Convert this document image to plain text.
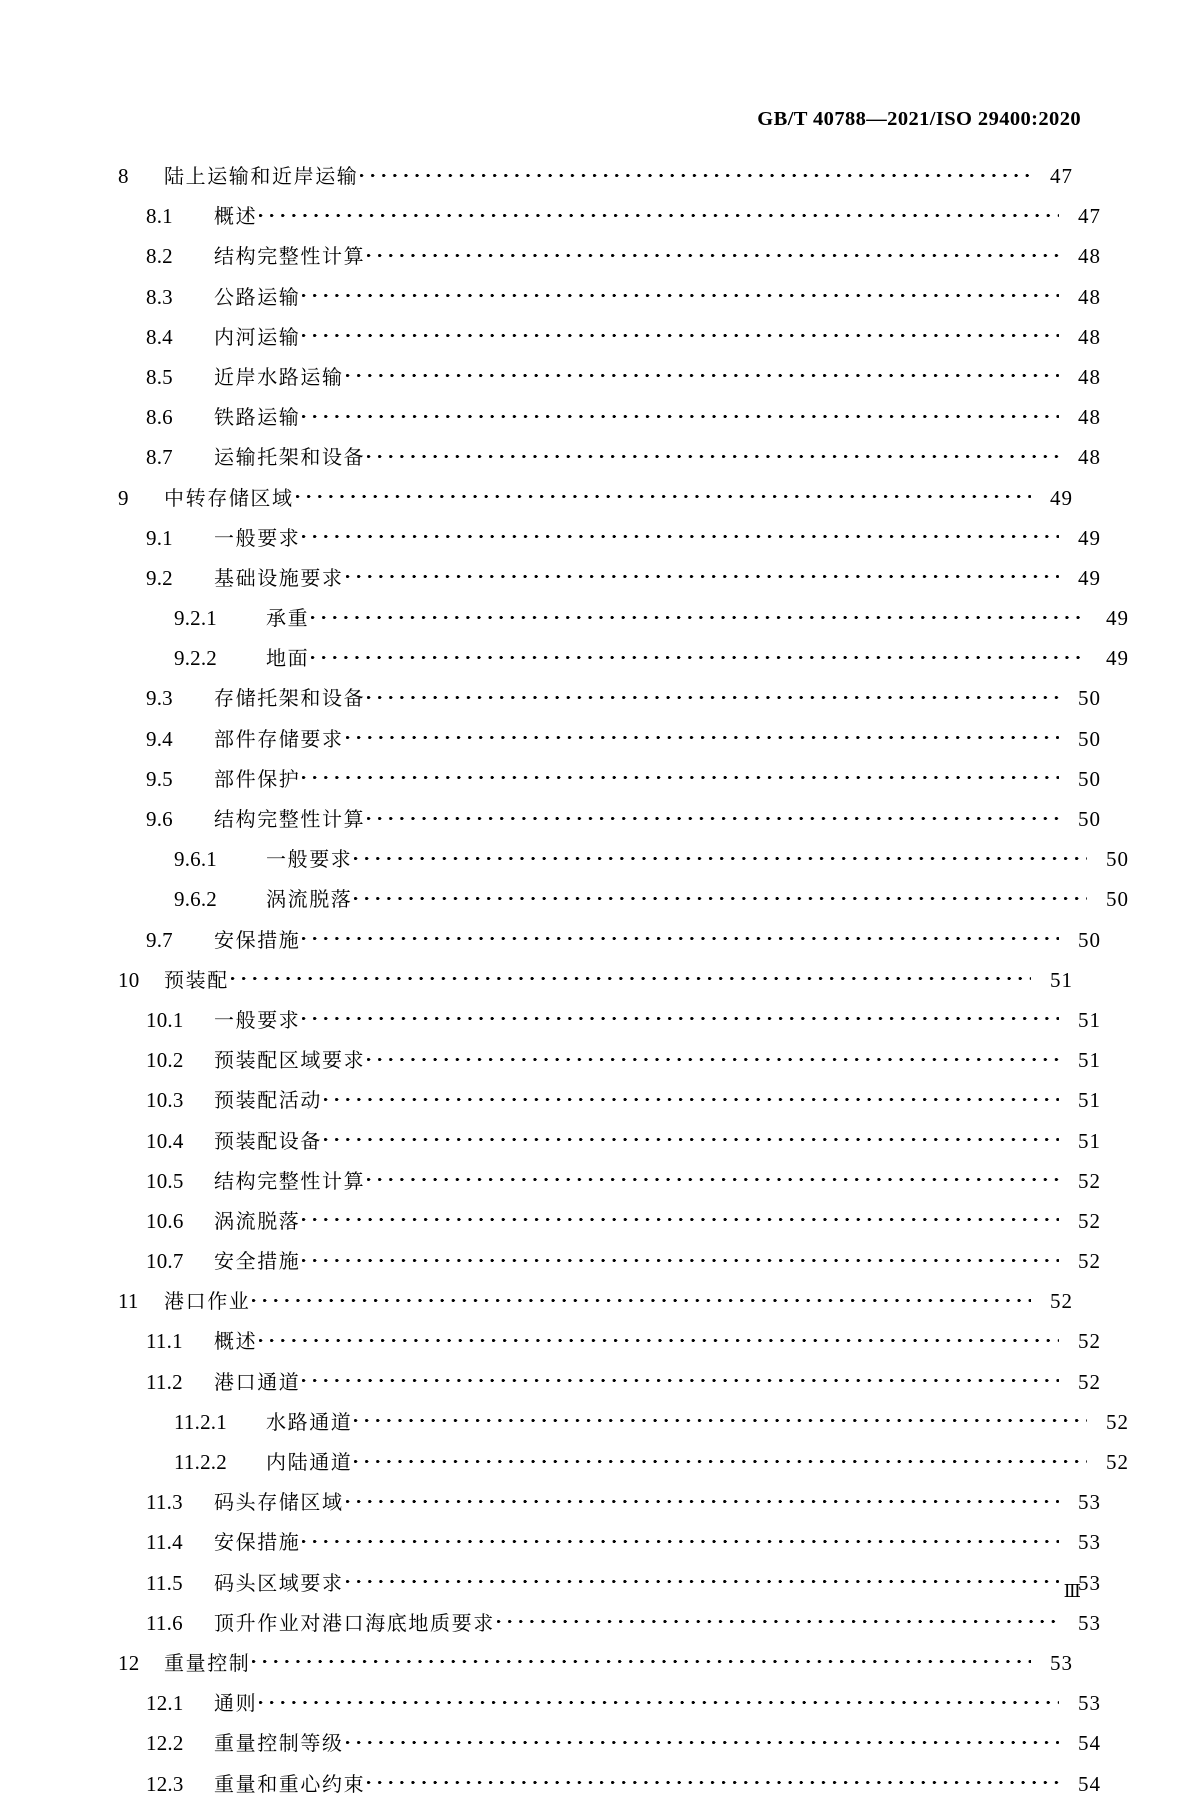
GB/T 40788—2021/ISO 29400:2020
8	陆上运输和近岸运输	47
8.1	概述	47
8.2	结构完整性计算	48
8.3	公路运输	48
8.4	内河运输	48
8.5	近岸水路运输	48
8.6	铁路运输	48
8.7	运输托架和设备	48
9	中转存储区域	49
9.1	一般要求	49
9.2	基础设施要求	49
9.2.1	承重	49
9.2.2	地面	49
9.3	存储托架和设备	50
9.4	部件存储要求	50
9.5	部件保护	50
9.6	结构完整性计算	50
9.6.1	一般要求	50
9.6.2	涡流脱落	50
9.7	安保措施	50
10	预装配	51
10.1	一般要求	51
10.2	预装配区域要求	51
10.3	预装配活动	51
10.4	预装配设备	51
10.5	结构完整性计算	52
10.6	涡流脱落	52
10.7	安全措施	52
11	港口作业	52
11.1	概述	52
11.2	港口通道	52
11.2.1	水路通道	52
11.2.2	内陆通道	52
11.3	码头存储区域	53
11.4	安保措施	53
11.5	码头区域要求	53
11.6	顶升作业对港口海底地质要求	53
12	重量控制	53
12.1	通则	53
12.2	重量控制等级	54
12.3	重量和重心约束	54
Ⅲ
